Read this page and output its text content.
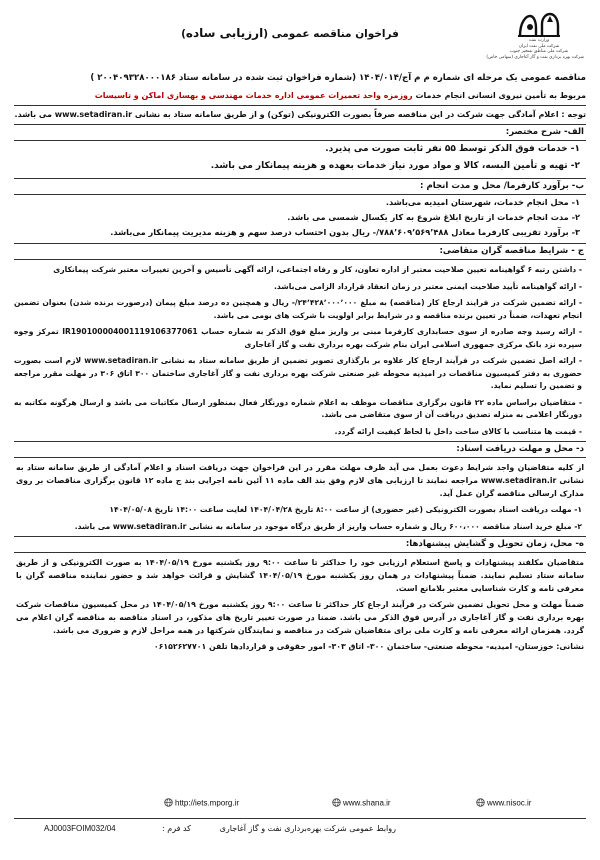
وزارت نفت
شرکت ملی نفت ایران
شرکت ملی مناطق نفتخیز جنوب
شرکت بهره برداری نفت و گاز آغاجاری (سهامی خاص)
فراخوان مناقصه عمومی (ارزیابی ساده)
مناقصه عمومی یک مرحله ای شماره م م آج/۱۴۰۴/۰۱۴ (شماره فراخوان ثبت شده در سامانه ستاد ۲۰۰۴۰۹۳۲۸۰۰۰۱۸۶ )
مربوط به تأمین نیروی انسانی انجام خدمات روزمزه واحد تعمیرات عمومی اداره خدمات مهندسی و بهسازی اماکن و تاسیسات
توجه : اعلام آمادگی جهت شرکت در این مناقصه صرفاً بصورت الکترونیکی (توکن) و از طریق سامانه ستاد به نشانی www.setadiran.ir می باشد.
الف- شرح مختصر:
۱- خدمات فوق الذکر توسط ۵۵ نفر ثابت صورت می پذیرد.
۲- تهیه و تأمین البسه، کالا و مواد مورد نیاز خدمات بعهده و هزینه پیمانکار می باشد.
ب- برآورد کارفرما/ محل و مدت انجام :
۱- محل انجام خدمات، شهرستان امیدیه می‌باشد.
۲- مدت انجام خدمات از تاریخ ابلاغ شروع به کار یکسال شمسی می باشد.
۳- برآورد تقریبی کارفرما معادل ۷۸۸٬۶۰۹٬۵۶۹٬۴۸۸/- ریال بدون احتساب درصد سهم و هزینه مدیریت پیمانکار می‌باشد.
ج - شرایط مناقصه گران متقاضی:
- داشتن رتبه ۶ گواهینامه تعیین صلاحیت معتبر از اداره تعاون، کار و رفاه اجتماعی، ارائه آگهی تأسیس و آخرین تغییرات معتبر شرکت پیمانکاری
- ارائه گواهینامه تأیید صلاحیت ایمنی معتبر در زمان انعقاد قرارداد الزامی می‌باشد.
- ارائه تضمین شرکت در فرایند ارجاع کار (مناقصه) به مبلغ ۲۴٬۴۲۸٬۰۰۰٬۰۰۰/- ریال و همچنین ده درصد مبلغ پیمان (درصورت برنده شدن) بعنوان تضمین انجام تعهدات، ضمناً در تعیین برنده مناقصه و در شرایط برابر اولویت با شرکت های بومی می باشد.
- ارائه رسید وجه صادره از سوی حسابداری کارفرما مبنی بر واریز مبلغ فوق الذکر به شماره حساب IR190100004001119106377061 تمرکز وجوه سپرده نزد بانک مرکزی جمهوری اسلامی ایران بنام شرکت بهره برداری نفت و گاز آغاجاری
- ارائه اصل تضمین شرکت در فرآیند ارجاع کار علاوه بر بارگذاری تصویر تضمین از طریق سامانه ستاد به نشانی www.setadiran.ir لازم است بصورت حضوری به دفتر کمیسیون مناقصات در امیدیه محوطه غیر صنعتی شرکت بهره برداری نفت و گاز آغاجاری ساختمان ۳۰۰ اتاق ۳۰۶ در مهلت مقرر مراجعه و تضمین را تسلیم نماید.
- متقاضیان براساس ماده ۲۲ قانون برگزاری مناقصات موظف به اعلام شماره دورنگار فعال بمنظور ارسال مکاتبات می باشد و ارسال هرگونه مکاتبه به دورنگار اعلامی به منزله تصدیق دریافت آن از سوی متقاضی می باشد.
- قیمت ها متناسب با کالای ساخت داخل با لحاظ کیفیت ارائه گردد.
د- محل و مهلت دریافت اسناد:
از کلیه متقاضیان واجد شرایط دعوت بعمل می آید ظرف مهلت مقرر در این فراخوان جهت دریافت اسناد و اعلام آمادگی از طریق سامانه ستاد به نشانی www.setadiran.ir مراجعه نمایند تا ارزیابی های لازم وفق بند الف ماده ۱۱ آئین نامه اجرایی بند ج ماده ۱۲ قانون برگزاری مناقصات بر روی مدارک ارسالی مناقصه گران عمل آید.
۱- مهلت دریافت اسناد بصورت الکترونیکی (غیر حضوری) از ساعت ۸:۰۰ تاریخ ۱۴۰۴/۰۴/۲۸ لغایت ساعت ۱۴:۰۰ تاریخ ۱۴۰۴/۰۵/۰۸
۲- مبلغ خرید اسناد مناقصه ۶۰۰،۰۰۰ ریال و شماره حساب واریز از طریق درگاه موجود در سامانه به نشانی www.setadiran.ir می باشد.
ه- محل، زمان تحویل و گشایش پیشنهادها:
متقاضیان مکلفند پیشنهادات و پاسخ استعلام ارزیابی خود را حداکثر تا ساعت ۹:۰۰ روز یکشنبه مورخ ۱۴۰۴/۰۵/۱۹ به صورت الکترونیکی و از طریق سامانه ستاد تسلیم نمایند. ضمناً پیشنهادات در همان روز یکشنبه مورخ ۱۴۰۴/۰۵/۱۹ گشایش و قرائت خواهد شد و حضور نماینده مناقصه گران با معرفی نامه و کارت شناسایی معتبر بلامانع است.
ضمناً مهلت و محل تحویل تضمین شرکت در فرآیند ارجاع کار حداکثر تا ساعت ۹:۰۰ روز یکشنبه مورخ ۱۴۰۴/۰۵/۱۹ در محل کمیسیون مناقصات شرکت بهره برداری نفت و گاز آغاجاری در آدرس فوق الذکر می باشد. ضمنا در صورت تغییر تاریخ های مذکور، در اسناد مناقصه به مناقصه گران اعلام می گردد. همزمان ارائه معرفی نامه و کارت ملی برای متقاضیان شرکت در مناقصه و نمایندگان شرکتها در همه مراحل لازم و ضروری می باشد.
نشانی: خوزستان- امیدیه- محوطه صنعتی- ساختمان ۳۰۰- اتاق ۳۰۳- امور حقوقی و قراردادها تلفن ۰۶۱۵۲۶۲۷۷۰۱
http://iets.mporg.ir	www.shana.ir	www.nisoc.ir
روابط عمومی شرکت بهره‌برداری نفت و گاز آغاجاری
کد فرم :
AJ0003FOIM032/04
